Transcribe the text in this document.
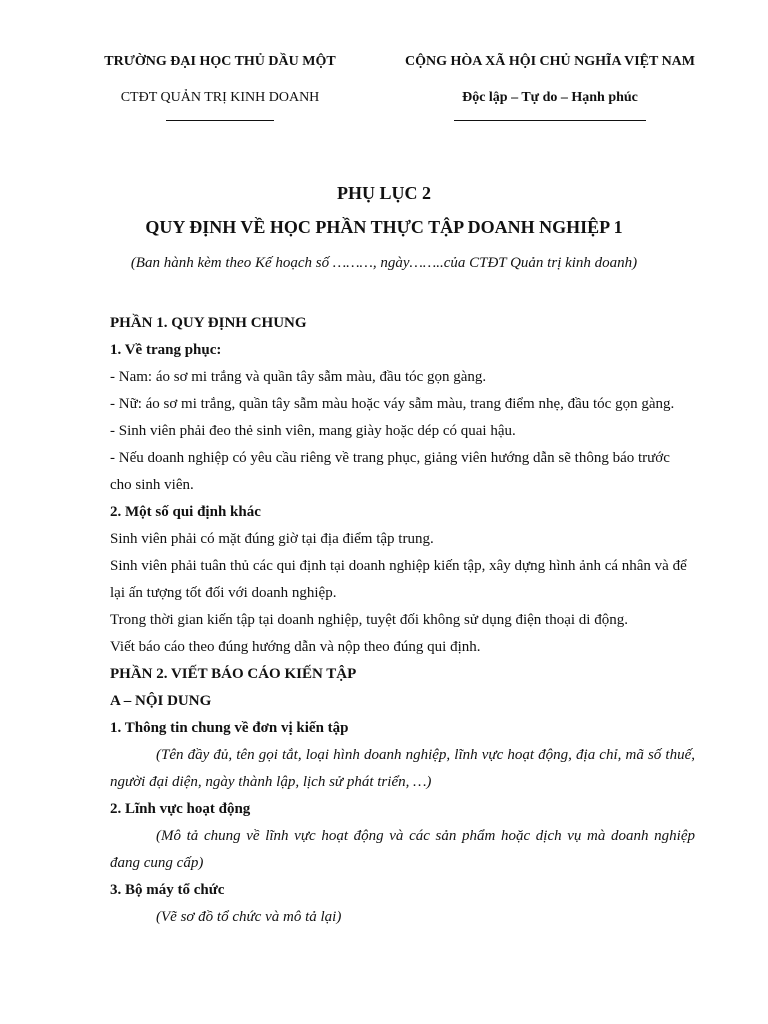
TRƯỜNG ĐẠI HỌC THỦ DẦU MỘT
CTĐT QUẢN TRỊ KINH DOANH
CỘNG HÒA XÃ HỘI CHỦ NGHĨA VIỆT NAM
Độc lập – Tự do – Hạnh phúc
PHỤ LỤC 2
QUY ĐỊNH VỀ HỌC PHẦN THỰC TẬP DOANH NGHIỆP 1
(Ban hành kèm theo Kế hoạch số ………, ngày……..của CTĐT Quản trị kinh doanh)

PHẦN 1. QUY ĐỊNH CHUNG

1. Về trang phục:

- Nam: áo sơ mi trắng và quần tây sẫm màu, đầu tóc gọn gàng.

- Nữ: áo sơ mi trắng, quần tây sẫm màu hoặc váy sẫm màu, trang điểm nhẹ, đầu tóc gọn gàng.

- Sinh viên phải đeo thẻ sinh viên, mang giày hoặc dép có quai hậu.

- Nếu doanh nghiệp có yêu cầu riêng về trang phục, giảng viên hướng dẫn sẽ thông báo trước cho sinh viên.

2. Một số qui định khác

Sinh viên phải có mặt đúng giờ tại địa điểm tập trung.

Sinh viên phải tuân thủ các qui định tại doanh nghiệp kiến tập, xây dựng hình ảnh cá nhân và để lại ấn tượng tốt đối với doanh nghiệp.

Trong thời gian kiến tập tại doanh nghiệp, tuyệt đối không sử dụng điện thoại di động.

Viết báo cáo theo đúng hướng dẫn và nộp theo đúng qui định.

PHẦN 2. VIẾT BÁO CÁO KIẾN TẬP

A – NỘI DUNG

1. Thông tin chung về đơn vị kiến tập

(Tên đầy đủ, tên gọi tắt, loại hình doanh nghiệp, lĩnh vực hoạt động, địa chỉ, mã số thuế, người đại diện, ngày thành lập, lịch sử phát triển, …)

2. Lĩnh vực hoạt động

(Mô tả chung về lĩnh vực hoạt động và các sản phẩm hoặc dịch vụ mà doanh nghiệp đang cung cấp)

3. Bộ máy tổ chức

(Vẽ sơ đồ tổ chức và mô tả lại)
